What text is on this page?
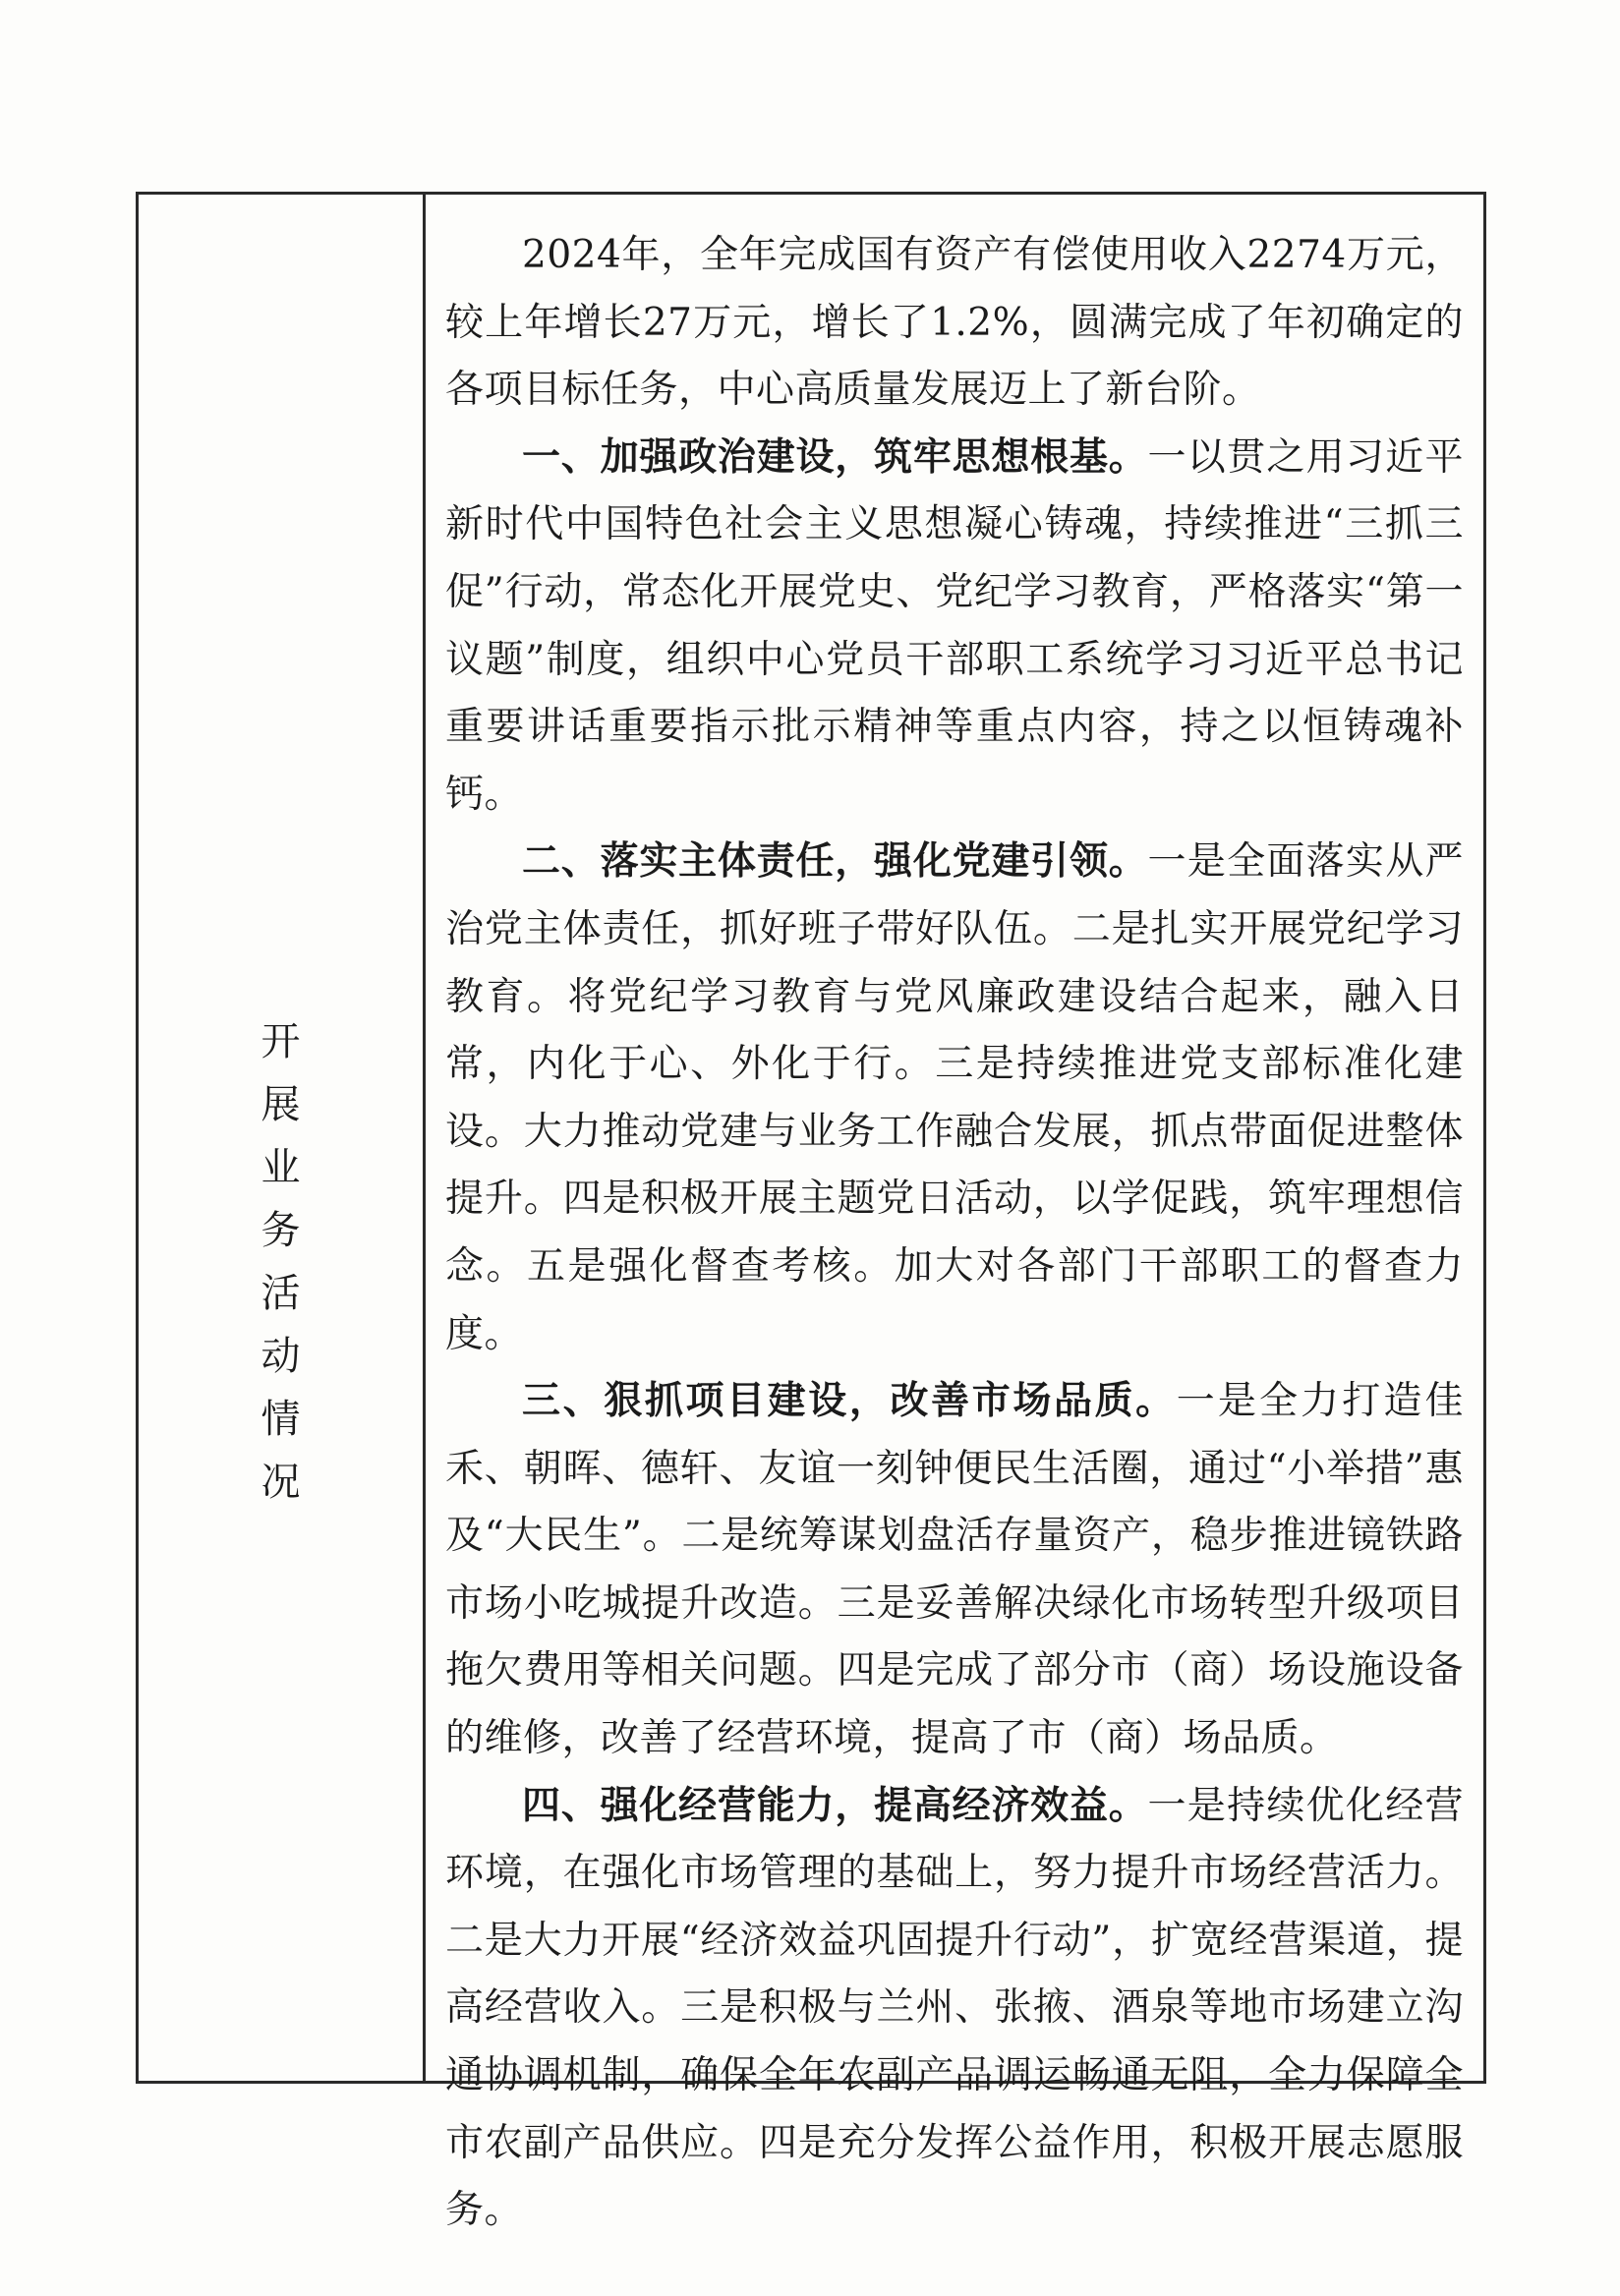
开
展
业
务
活
动
情
况

2024年，全年完成国有资产有偿使用收入2274万元，较上年增长27万元，增长了1.2%，圆满完成了年初确定的各项目标任务，中心高质量发展迈上了新台阶。

一、加强政治建设，筑牢思想根基。一以贯之用习近平新时代中国特色社会主义思想凝心铸魂，持续推进“三抓三促”行动，常态化开展党史、党纪学习教育，严格落实“第一议题”制度，组织中心党员干部职工系统学习习近平总书记重要讲话重要指示批示精神等重点内容，持之以恒铸魂补钙。

二、落实主体责任，强化党建引领。一是全面落实从严治党主体责任，抓好班子带好队伍。二是扎实开展党纪学习教育。将党纪学习教育与党风廉政建设结合起来，融入日常，内化于心、外化于行。三是持续推进党支部标准化建设。大力推动党建与业务工作融合发展，抓点带面促进整体提升。四是积极开展主题党日活动，以学促践，筑牢理想信念。五是强化督查考核。加大对各部门干部职工的督查力度。

三、狠抓项目建设，改善市场品质。一是全力打造佳禾、朝晖、德轩、友谊一刻钟便民生活圈，通过“小举措”惠及“大民生”。二是统筹谋划盘活存量资产，稳步推进镜铁路市场小吃城提升改造。三是妥善解决绿化市场转型升级项目拖欠费用等相关问题。四是完成了部分市（商）场设施设备的维修，改善了经营环境，提高了市（商）场品质。

四、强化经营能力，提高经济效益。一是持续优化经营环境，在强化市场管理的基础上，努力提升市场经营活力。二是大力开展“经济效益巩固提升行动”，扩宽经营渠道，提高经营收入。三是积极与兰州、张掖、酒泉等地市场建立沟通协调机制，确保全年农副产品调运畅通无阻，全力保障全市农副产品供应。四是充分发挥公益作用，积极开展志愿服务。
